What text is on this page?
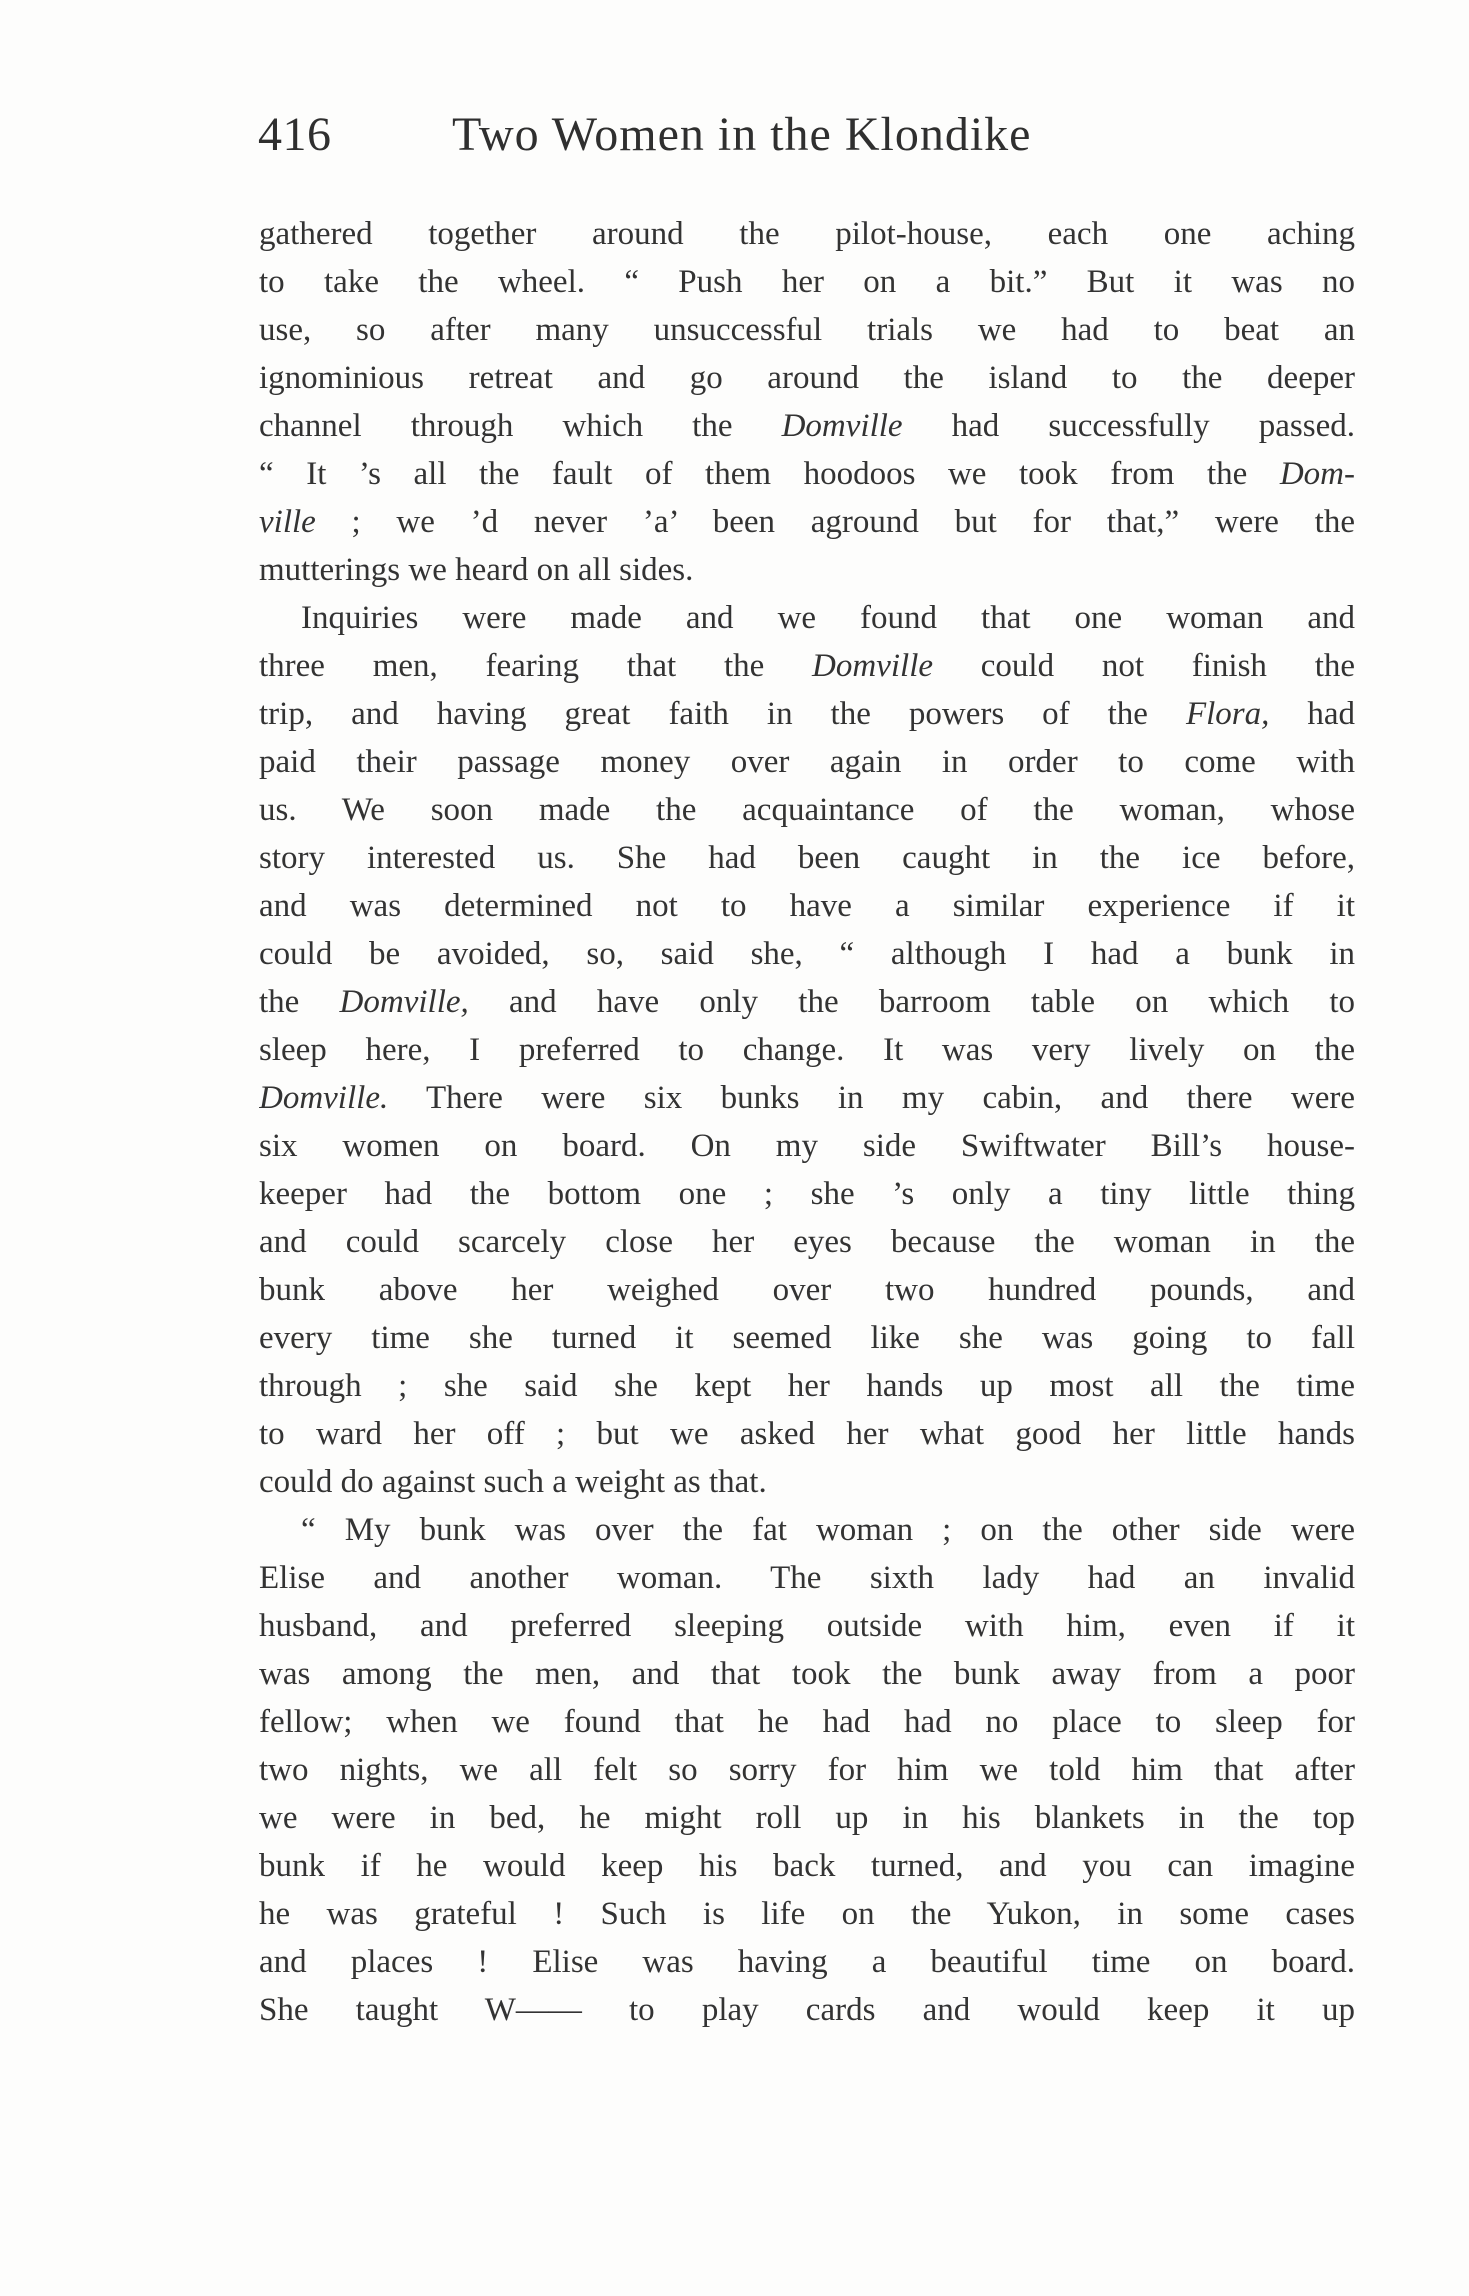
416	Two Women in the Klondike
gathered together around the pilot-house, each one aching
to take the wheel. “ Push her on a bit.” But it was no
use, so after many unsuccessful trials we had to beat an
ignominious retreat and go around the island to the deeper
channel through which the Domville had successfully passed.
“ It ’s all the fault of them hoodoos we took from the Dom-
ville ; we ’d never ’a’ been aground but for that,” were the
mutterings we heard on all sides.
Inquiries were made and we found that one woman and
three men, fearing that the Domville could not finish the
trip, and having great faith in the powers of the Flora, had
paid their passage money over again in order to come with
us. We soon made the acquaintance of the woman, whose
story interested us. She had been caught in the ice before,
and was determined not to have a similar experience if it
could be avoided, so, said she, “ although I had a bunk in
the Domville, and have only the barroom table on which to
sleep here, I preferred to change. It was very lively on the
Domville. There were six bunks in my cabin, and there were
six women on board. On my side Swiftwater Bill’s house-
keeper had the bottom one ; she ’s only a tiny little thing
and could scarcely close her eyes because the woman in the
bunk above her weighed over two hundred pounds, and
every time she turned it seemed like she was going to fall
through ; she said she kept her hands up most all the time
to ward her off ; but we asked her what good her little hands
could do against such a weight as that.
“ My bunk was over the fat woman ; on the other side were
Elise and another woman. The sixth lady had an invalid
husband, and preferred sleeping outside with him, even if it
was among the men, and that took the bunk away from a poor
fellow; when we found that he had had no place to sleep for
two nights, we all felt so sorry for him we told him that after
we were in bed, he might roll up in his blankets in the top
bunk if he would keep his back turned, and you can imagine
he was grateful ! Such is life on the Yukon, in some cases
and places ! Elise was having a beautiful time on board.
She taught W—— to play cards and would keep it up
